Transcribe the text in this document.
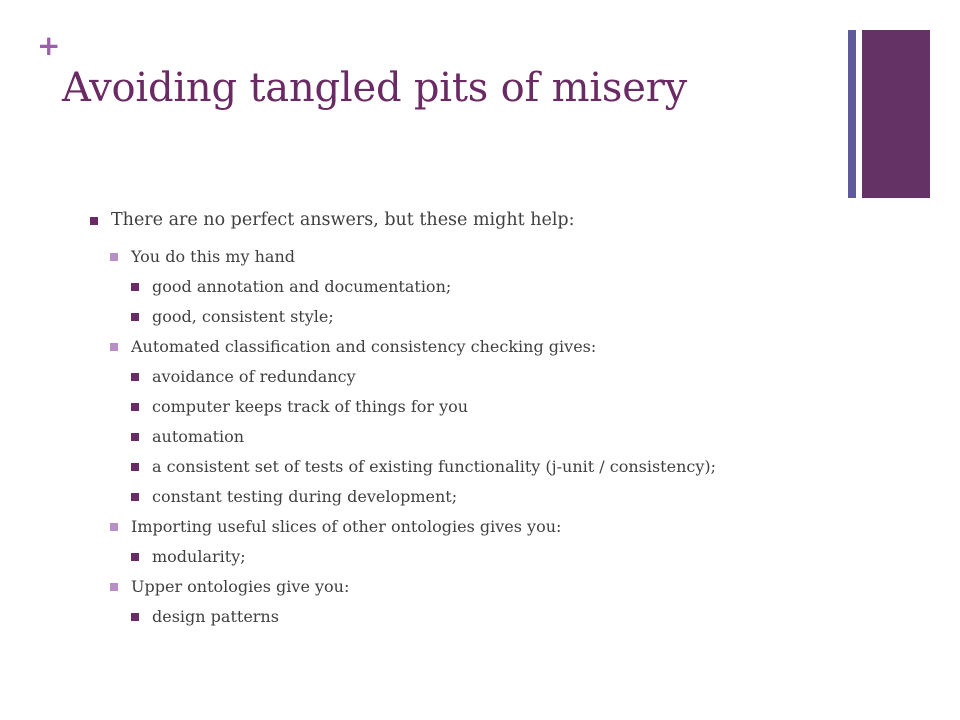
+
Avoiding tangled pits of misery
There are no perfect answers, but these might help:
You do this my hand
good annotation and documentation;
good, consistent style;
Automated classification and consistency checking gives:
avoidance of redundancy
computer keeps track of things for you
automation
a consistent set of tests of existing functionality (j-unit / consistency);
constant testing during development;
Importing useful slices of other ontologies gives you:
modularity;
Upper ontologies give you:
design patterns
